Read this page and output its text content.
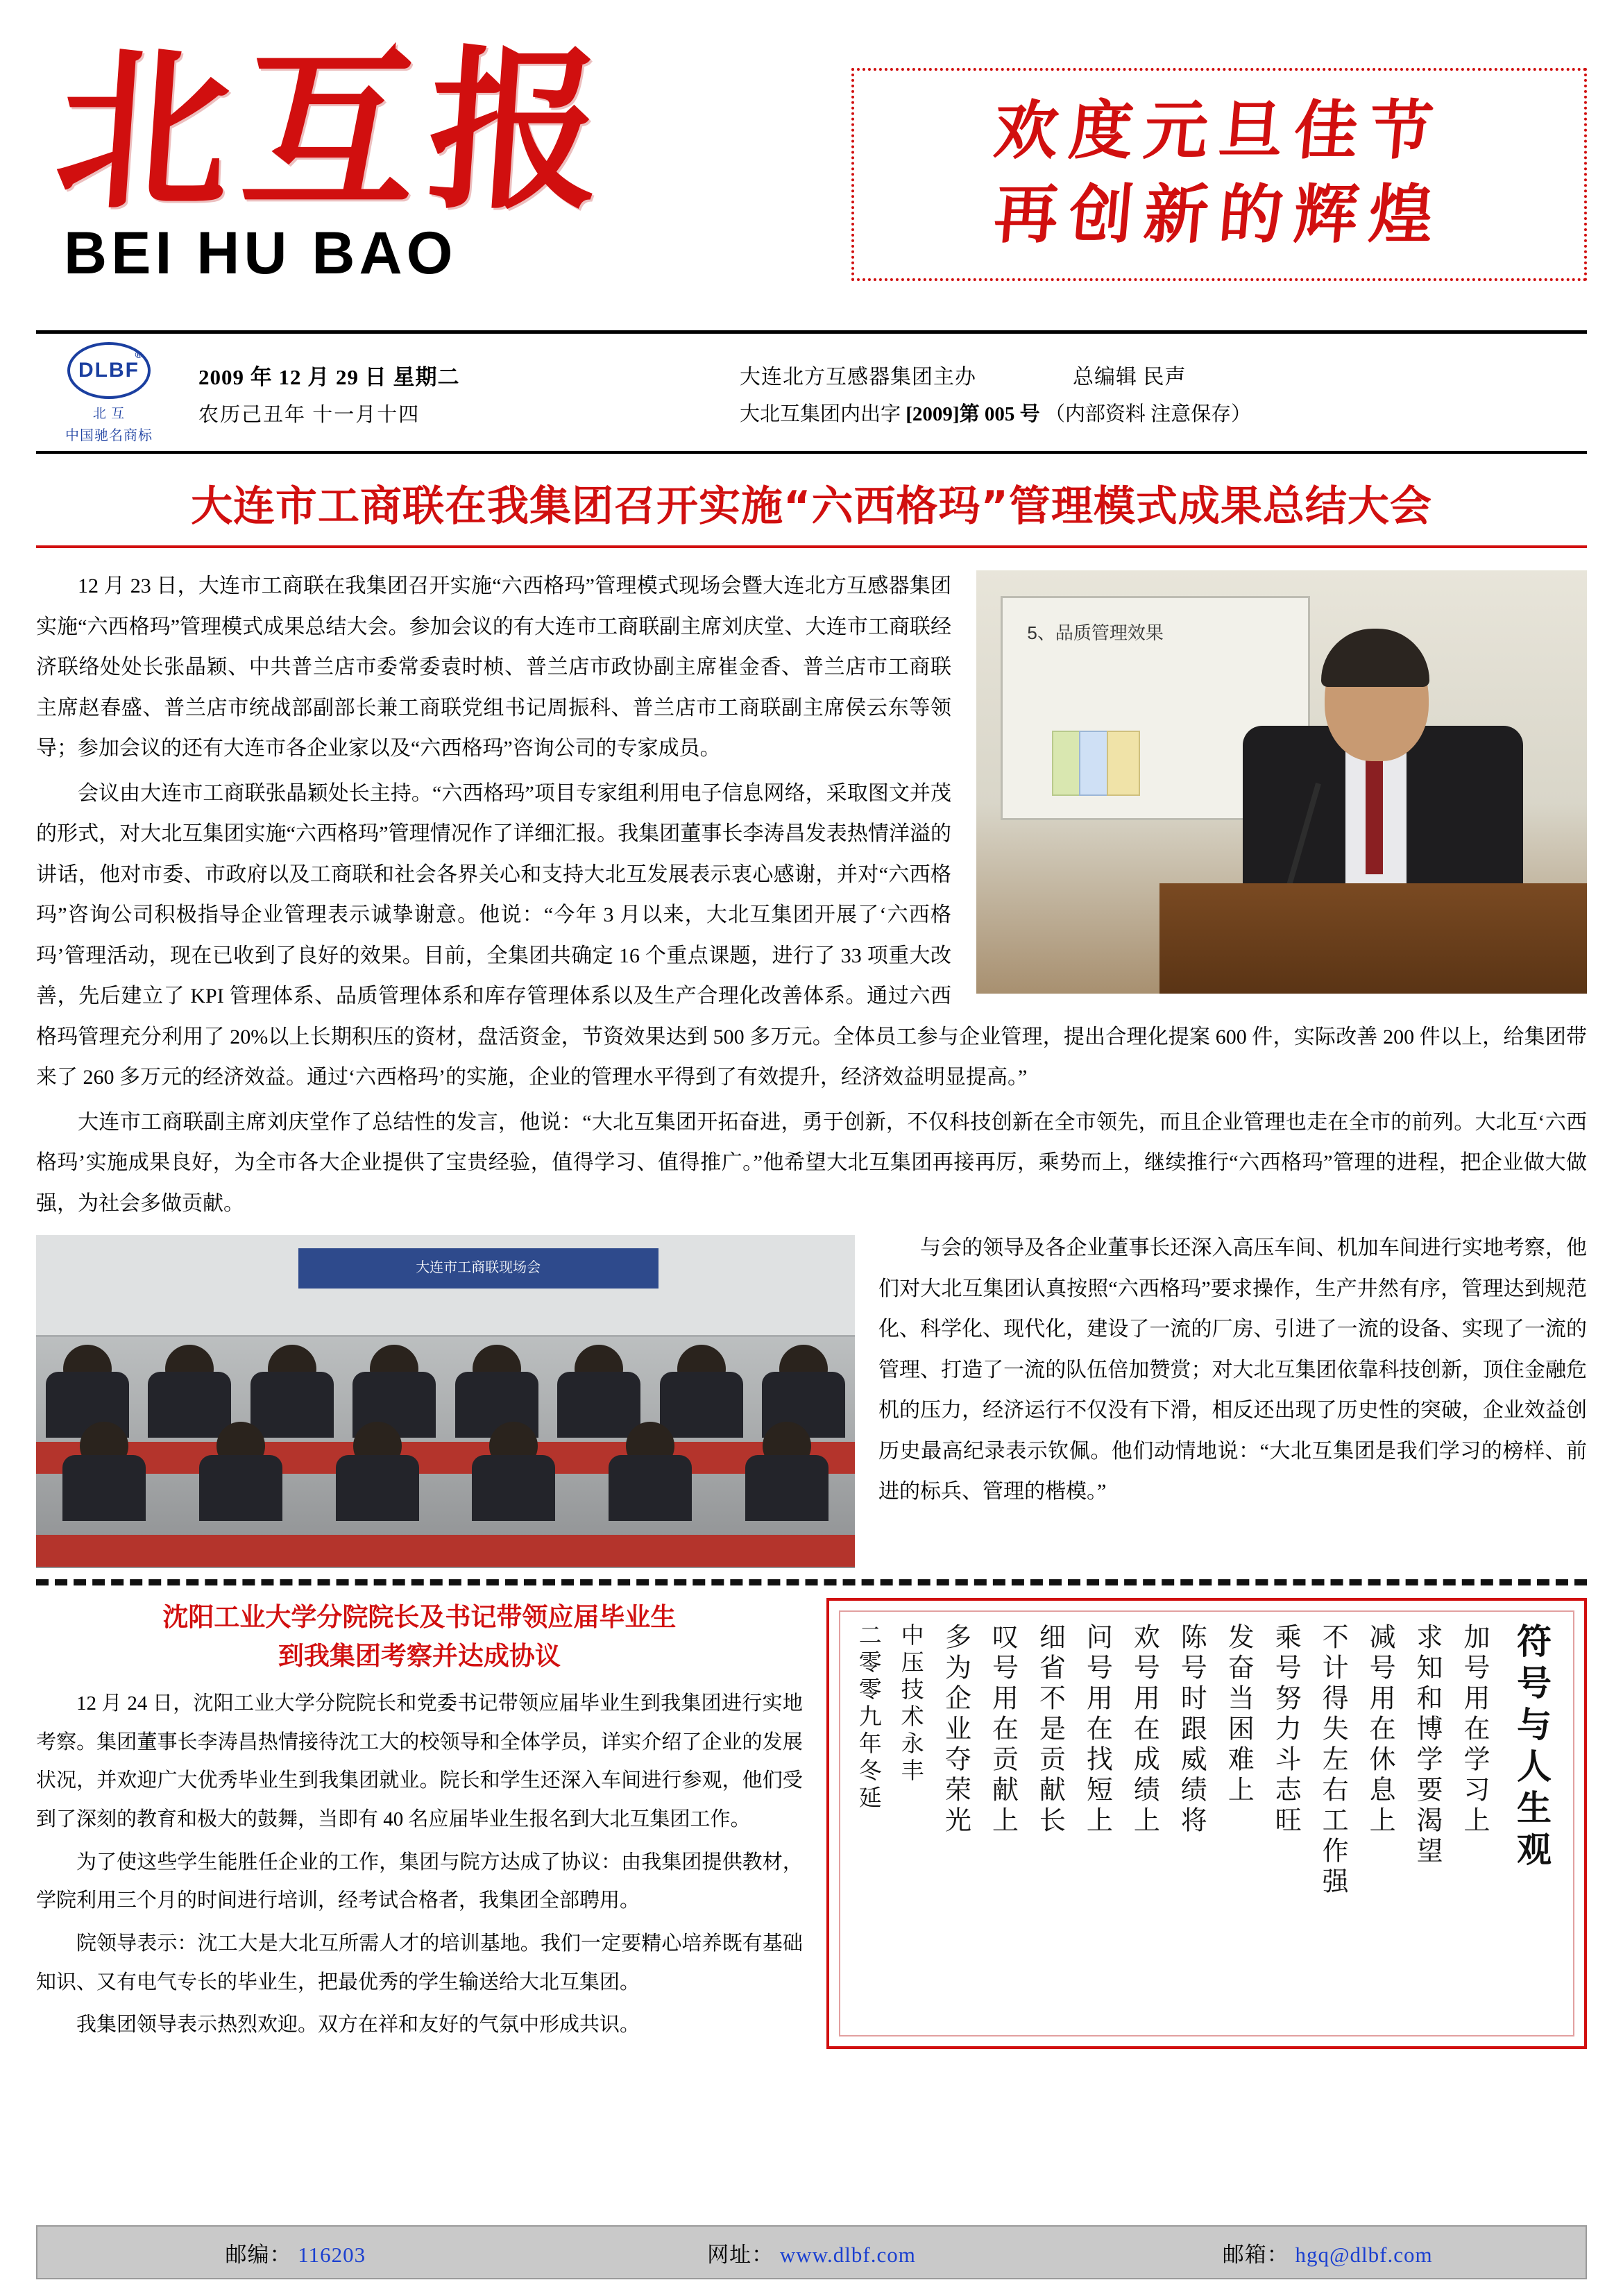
北互报
BEI HU BAO
欢度元旦佳节
再创新的辉煌
DLBF
®
北 互
中国驰名商标
2009 年 12 月 29 日 星期二
农历己丑年 十一月十四
大连北方互感器集团主办	总编辑 民声
大北互集团内出字 [2009]第 005 号 （内部资料 注意保存）
大连市工商联在我集团召开实施“六西格玛”管理模式成果总结大会
5、品质管理效果

12 月 23 日，大连市工商联在我集团召开实施“六西格玛”管理模式现场会暨大连北方互感器集团实施“六西格玛”管理模式成果总结大会。参加会议的有大连市工商联副主席刘庆堂、大连市工商联经济联络处处长张晶颖、中共普兰店市委常委袁时桢、普兰店市政协副主席崔金香、普兰店市工商联主席赵春盛、普兰店市统战部副部长兼工商联党组书记周振科、普兰店市工商联副主席侯云东等领导；参加会议的还有大连市各企业家以及“六西格玛”咨询公司的专家成员。

会议由大连市工商联张晶颖处长主持。“六西格玛”项目专家组利用电子信息网络，采取图文并茂的形式，对大北互集团实施“六西格玛”管理情况作了详细汇报。我集团董事长李涛昌发表热情洋溢的讲话，他对市委、市政府以及工商联和社会各界关心和支持大北互发展表示衷心感谢，并对“六西格玛”咨询公司积极指导企业管理表示诚挚谢意。他说：“今年 3 月以来，大北互集团开展了‘六西格玛’管理活动，现在已收到了良好的效果。目前，全集团共确定 16 个重点课题，进行了 33 项重大改善，先后建立了 KPI 管理体系、品质管理体系和库存管理体系以及生产合理化改善体系。通过六西格玛管理充分利用了 20%以上长期积压的资材，盘活资金，节资效果达到 500 多万元。全体员工参与企业管理，提出合理化提案 600 件，实际改善 200 件以上，给集团带来了 260 多万元的经济效益。通过‘六西格玛’的实施，企业的管理水平得到了有效提升，经济效益明显提高。”

大连市工商联副主席刘庆堂作了总结性的发言，他说：“大北互集团开拓奋进，勇于创新，不仅科技创新在全市领先，而且企业管理也走在全市的前列。大北互‘六西格玛’实施成果良好，为全市各大企业提供了宝贵经验，值得学习、值得推广。”他希望大北互集团再接再厉，乘势而上，继续推行“六西格玛”管理的进程，把企业做大做强，为社会多做贡献。

大连市工商联现场会

与会的领导及各企业董事长还深入高压车间、机加车间进行实地考察，他们对大北互集团认真按照“六西格玛”要求操作，生产井然有序，管理达到规范化、科学化、现代化，建设了一流的厂房、引进了一流的设备、实现了一流的管理、打造了一流的队伍倍加赞赏；对大北互集团依靠科技创新，顶住金融危机的压力，经济运行不仅没有下滑，相反还出现了历史性的突破，企业效益创历史最高纪录表示钦佩。他们动情地说：“大北互集团是我们学习的榜样、前进的标兵、管理的楷模。”

沈阳工业大学分院院长及书记带领应届毕业生
到我集团考察并达成协议

12 月 24 日，沈阳工业大学分院院长和党委书记带领应届毕业生到我集团进行实地考察。集团董事长李涛昌热情接待沈工大的校领导和全体学员，详实介绍了企业的发展状况，并欢迎广大优秀毕业生到我集团就业。院长和学生还深入车间进行参观，他们受到了深刻的教育和极大的鼓舞，当即有 40 名应届毕业生报名到大北互集团工作。

为了使这些学生能胜任企业的工作，集团与院方达成了协议：由我集团提供教材，学院利用三个月的时间进行培训，经考试合格者，我集团全部聘用。

院领导表示：沈工大是大北互所需人才的培训基地。我们一定要精心培养既有基础知识、又有电气专长的毕业生，把最优秀的学生输送给大北互集团。

我集团领导表示热烈欢迎。双方在祥和友好的气氛中形成共识。

符号与人生观
加号用在学习上
求知和博学要渴望
减号用在休息上
不计得失左右工作强
乘号努力斗志旺
发奋当困难上
陈号时跟威绩将
欢号用在成绩上
问号用在找短上
细省不是贡献长
叹号用在贡献上
多为企业夺荣光
中压技术永丰
二零零九年冬延
邮编： 116203	网址： www.dlbf.com	邮箱： hgq@dlbf.com
